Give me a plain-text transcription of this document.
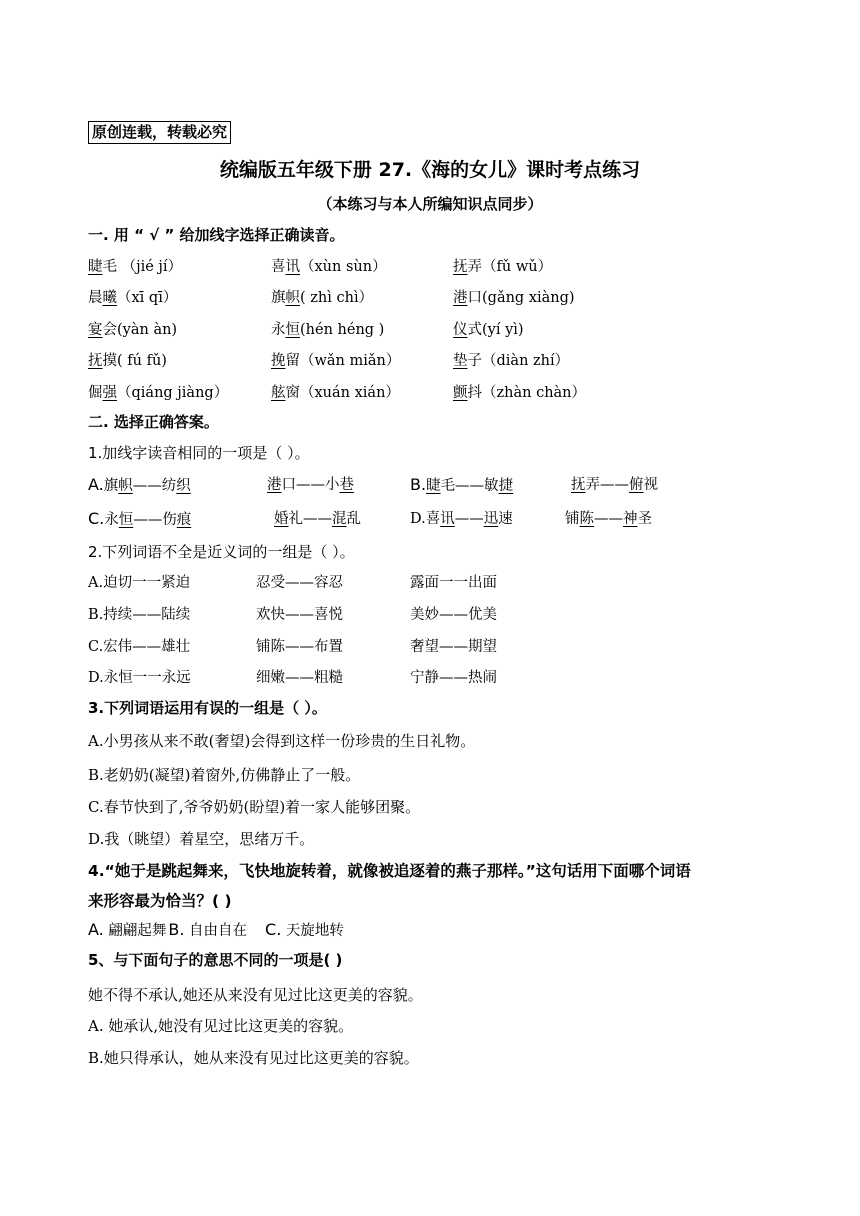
原创连载，转载必究
统编版五年级下册 27.《海的女儿》课时考点练习
（本练习与本人所编知识点同步）
一. 用 “ √ ” 给加线字选择正确读音。
睫毛 （jié jí）	喜讯（xùn sùn）	抚弄（fǔ wǔ）
晨曦（xī qī）	旗帜( zhì chì）	港口(gǎng xiàng)
宴会(yàn àn)	永恒(hén héng )	仪式(yí yì)
抚摸( fú fǔ)	挽留（wǎn miǎn）	垫子（diàn zhí）
倔强（qiáng jiàng）	舷窗（xuán xián）	颤抖（zhàn chàn）
二. 选择正确答案。
1.加线字读音相同的一项是（ ）。
A.旗帜——纺织	港口——小巷	B.睫毛——敏捷	抚弄——俯视
C.永恒——伤痕	婚礼——混乱	D.喜讯——迅速	铺陈——神圣
2.下列词语不全是近义词的一组是（ ）。
A.迫切一一紧迫	忍受——容忍	露面一一出面
B.持续——陆续	欢快——喜悦	美妙——优美
C.宏伟——雄壮	铺陈——布置	奢望——期望
D.永恒一一永远	细嫩——粗糙	宁静——热闹
3.下列词语运用有误的一组是（ ）。
A.小男孩从来不敢(奢望)会得到这样一份珍贵的生日礼物。
B.老奶奶(凝望)着窗外,仿佛静止了一般。
C.春节快到了,爷爷奶奶(盼望)着一家人能够团聚。
D.我（眺望）着星空，思绪万千。
4.“她于是跳起舞来，飞快地旋转着，就像被追逐着的燕子那样。”这句话用下面哪个词语
来形容最为恰当？( )
A. 翩翩起舞 B. 自由自在 C. 天旋地转
5、与下面句子的意思不同的一项是( )
她不得不承认,她还从来没有见过比这更美的容貌。
A. 她承认,她没有见过比这更美的容貌。
B.她只得承认，她从来没有见过比这更美的容貌。
